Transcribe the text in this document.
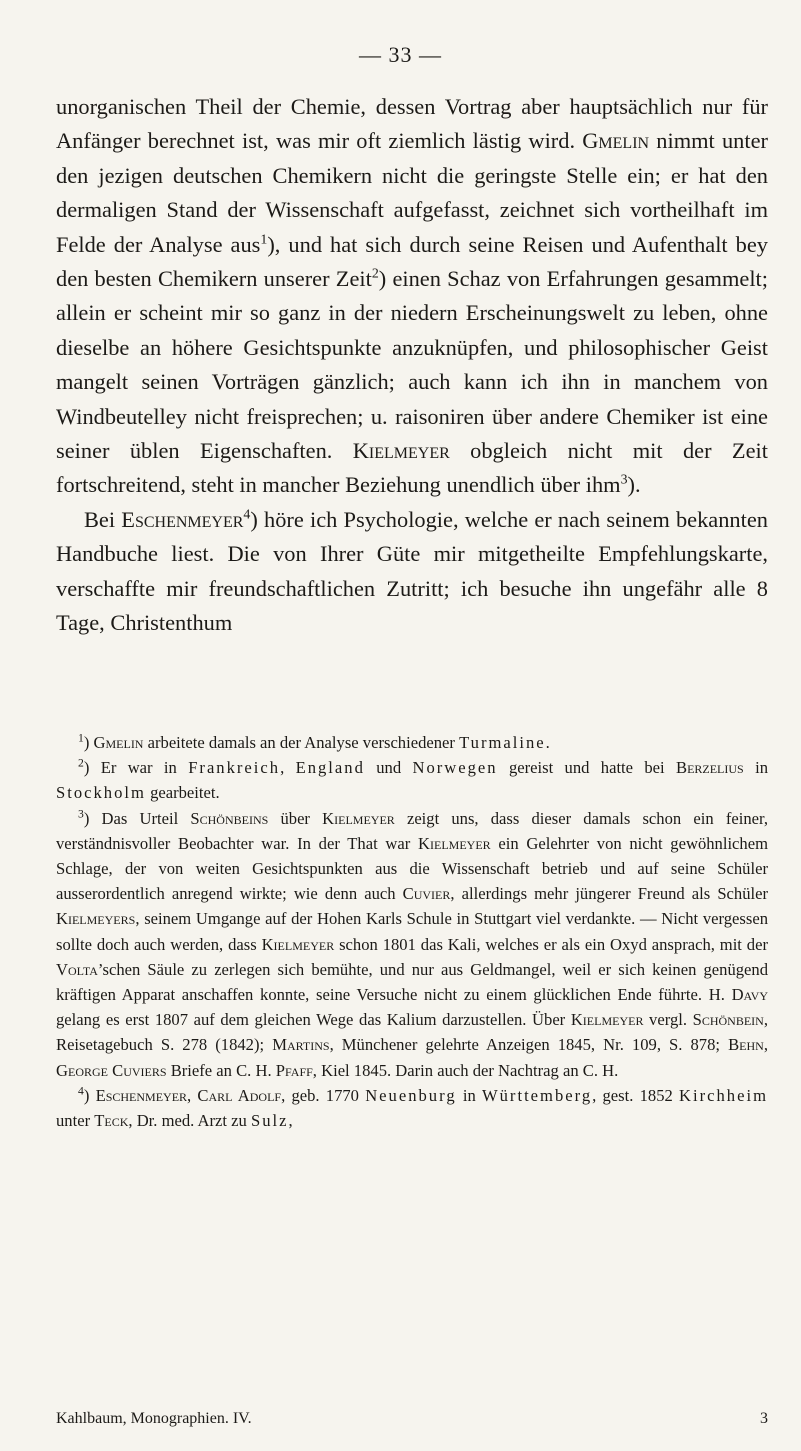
— 33 —

unorganischen Theil der Chemie, dessen Vortrag aber hauptsächlich nur für Anfänger berechnet ist, was mir oft ziemlich lästig wird. Gmelin nimmt unter den jezigen deutschen Chemikern nicht die geringste Stelle ein; er hat den dermaligen Stand der Wissenschaft aufgefasst, zeichnet sich vortheilhaft im Felde der Analyse aus$^1$), und hat sich durch seine Reisen und Aufenthalt bey den besten Chemikern unserer Zeit$^2$) einen Schaz von Erfahrungen gesammelt; allein er scheint mir so ganz in der niedern Erscheinungswelt zu leben, ohne dieselbe an höhere Gesichtspunkte anzuknüpfen, und philosophischer Geist mangelt seinen Vorträgen gänzlich; auch kann ich ihn in manchem von Windbeutelley nicht freisprechen; u. raisoniren über andere Chemiker ist eine seiner üblen Eigenschaften. Kielmeyer obgleich nicht mit der Zeit fortschreitend, steht in mancher Beziehung unendlich über ihm$^3$).

Bei Eschenmeyer$^4$) höre ich Psychologie, welche er nach seinem bekannten Handbuche liest. Die von Ihrer Güte mir mitgetheilte Empfehlungskarte, verschaffte mir freundschaftlichen Zutritt; ich besuche ihn ungefähr alle 8 Tage, Christenthum

$^1$) Gmelin arbeitete damals an der Analyse verschiedener Turmaline.

$^2$) Er war in Frankreich, England und Norwegen gereist und hatte bei Berzelius in Stockholm gearbeitet.

$^3$) Das Urteil Schönbeins über Kielmeyer zeigt uns, dass dieser damals schon ein feiner, verständnisvoller Beobachter war. In der That war Kielmeyer ein Gelehrter von nicht gewöhnlichem Schlage, der von weiten Gesichtspunkten aus die Wissenschaft betrieb und auf seine Schüler ausserordentlich anregend wirkte; wie denn auch Cuvier, allerdings mehr jüngerer Freund als Schüler Kielmeyers, seinem Umgange auf der Hohen Karls Schule in Stuttgart viel verdankte. — Nicht vergessen sollte doch auch werden, dass Kielmeyer schon 1801 das Kali, welches er als ein Oxyd ansprach, mit der Volta’schen Säule zu zerlegen sich bemühte, und nur aus Geldmangel, weil er sich keinen genügend kräftigen Apparat anschaffen konnte, seine Versuche nicht zu einem glücklichen Ende führte. H. Davy gelang es erst 1807 auf dem gleichen Wege das Kalium darzustellen. Über Kielmeyer vergl. Schönbein, Reisetagebuch S. 278 (1842); Martins, Münchener gelehrte Anzeigen 1845, Nr. 109, S. 878; Behn, George Cuviers Briefe an C. H. Pfaff, Kiel 1845. Darin auch der Nachtrag an C. H.

$^4$) Eschenmeyer, Carl Adolf, geb. 1770 Neuenburg in Württemberg, gest. 1852 Kirchheim unter Teck, Dr. med. Arzt zu Sulz,

Kahlbaum, Monographien. IV.	3
